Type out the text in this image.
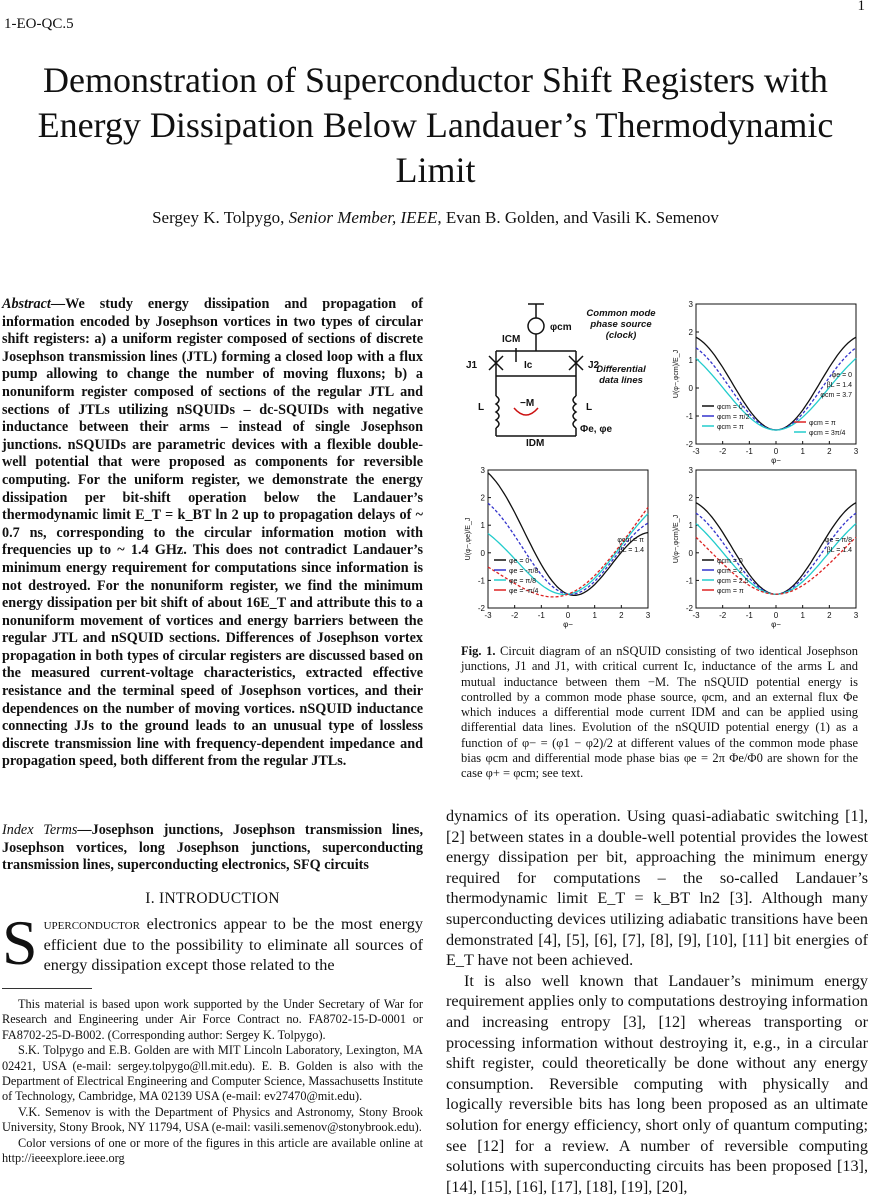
1-EO-QC.5
1
Demonstration of Superconductor Shift Registers with Energy Dissipation Below Landauer’s Thermodynamic Limit
Sergey K. Tolpygo, Senior Member, IEEE, Evan B. Golden, and Vasili K. Semenov
Abstract—We study energy dissipation and propagation of information encoded by Josephson vortices in two types of circular shift registers: a) a uniform register composed of sections of discrete Josephson transmission lines (JTL) forming a closed loop with a flux pump allowing to change the number of moving fluxons; b) a nonuniform register composed of sections of the regular JTL and sections of JTLs utilizing nSQUIDs – dc-SQUIDs with negative inductance between their arms – instead of single Josephson junctions. nSQUIDs are parametric devices with a flexible double-well potential that were proposed as components for reversible computing. For the uniform register, we demonstrate the energy dissipation per bit-shift operation below the Landauer’s thermodynamic limit E_T = k_BT ln 2 up to propagation delays of ~ 0.7 ns, corresponding to the circular information motion with frequencies up to ~ 1.4 GHz. This does not contradict Landauer’s minimum energy requirement for computations since information is not destroyed. For the nonuniform register, we find the minimum energy dissipation per bit shift of about 16E_T and attribute this to a nonuniform movement of vortices and energy barriers between the regular JTL and nSQUID sections. Differences of Josephson vortex propagation in both types of circular registers are discussed based on the measured current-voltage characteristics, extracted effective resistance and the terminal speed of Josephson vortices, and their dependences on the number of moving vortices. nSQUID inductance connecting JJs to the ground leads to an unusual type of lossless discrete transmission line with frequency-dependent impedance and propagation speed, both different from the regular JTLs.
Index Terms—Josephson junctions, Josephson transmission lines, Josephson vortices, long Josephson junctions, superconducting transmission lines, superconducting electronics, SFQ circuits
I. INTRODUCTION
Superconductor electronics appear to be the most energy efficient due to the possibility to eliminate all sources of energy dissipation except those related to the

This material is based upon work supported by the Under Secretary of War for Research and Engineering under Air Force Contract no. FA8702-15-D-0001 or FA8702-25-D-B002. (Corresponding author: Sergey K. Tolpygo).

S.K. Tolpygo and E.B. Golden are with MIT Lincoln Laboratory, Lexington, MA 02421, USA (e-mail: sergey.tolpygo@ll.mit.edu). E. B. Golden is also with the Department of Electrical Engineering and Computer Science, Massachusetts Institute of Technology, Cambridge, MA 02139 USA (e-mail: ev27470@mit.edu).

V.K. Semenov is with the Department of Physics and Astronomy, Stony Brook University, Stony Brook, NY 11794, USA (e-mail: vasili.semenov@stonybrook.edu).

Color versions of one or more of the figures in this article are available online at http://ieeexplore.ieee.org

dynamics of its operation. Using quasi-adiabatic switching [1], [2] between states in a double-well potential provides the lowest energy dissipation per bit, approaching the minimum energy required for computations – the so-called Landauer’s thermodynamic limit E_T = k_BT ln2 [3]. Although many superconducting devices utilizing adiabatic transitions have been demonstrated [4], [5], [6], [7], [8], [9], [10], [11] bit energies of E_T have not been achieved.

It is also well known that Landauer’s minimum energy requirement applies only to computations destroying information and increasing entropy [3], [12] whereas transporting or processing information without destroying it, e.g., in a circular shift register, could theoretically be done without any energy consumption. Reversible computing with physically and logically reversible bits has long been proposed as an ultimate solution for energy efficiency, short only of quantum computing; see [12] for a review. A number of reversible computing solutions with superconducting circuits has been proposed [13], [14], [15], [16], [17], [18], [19], [20],

φcm
ICM
Ic
J1	J2
L	L
−M
IDM
Φe, φe
Common mode
phase source
(clock)
Differential
data lines
-3 -2 -1	0	1	2	3
-2
-1
0
1
2
3
φ−
U(φ−,φcm)/E_J
φcm = 0
φcm = π/2
φcm = π
φcm = π
φcm = 3π/4
φe = 0
βL = 1.4
φcm = 3.7
-3 -2 -1	0	1	2	3
-2
-1
0
1
2
3
φ−
U(φ−,φe)/E_J
φe = 0
φe = -π/8
φe = π/8
φe = -π/4
φcm = π
βL = 1.4
-3 -2 -1	0	1	2	3
-2
-1
0
1
2
3
φ−
U(φ−,φcm)/E_J	φcm = 0
φcm = 2
φcm = 2.5
φcm = π
φe = π/8
βL = 1.4
Fig. 1. Circuit diagram of an nSQUID consisting of two identical Josephson junctions, J1 and J1, with critical current Ic, inductance of the arms L and mutual inductance between them −M. The nSQUID potential energy is controlled by a common mode phase source, φcm, and an external flux Φe which induces a differential mode current IDM and can be applied using differential data lines. Evolution of the nSQUID potential energy (1) as a function of φ− = (φ1 − φ2)/2 at different values of the common mode phase bias φcm and differential mode phase bias φe = 2π Φe/Φ0 are shown for the case φ+ = φcm; see text.
